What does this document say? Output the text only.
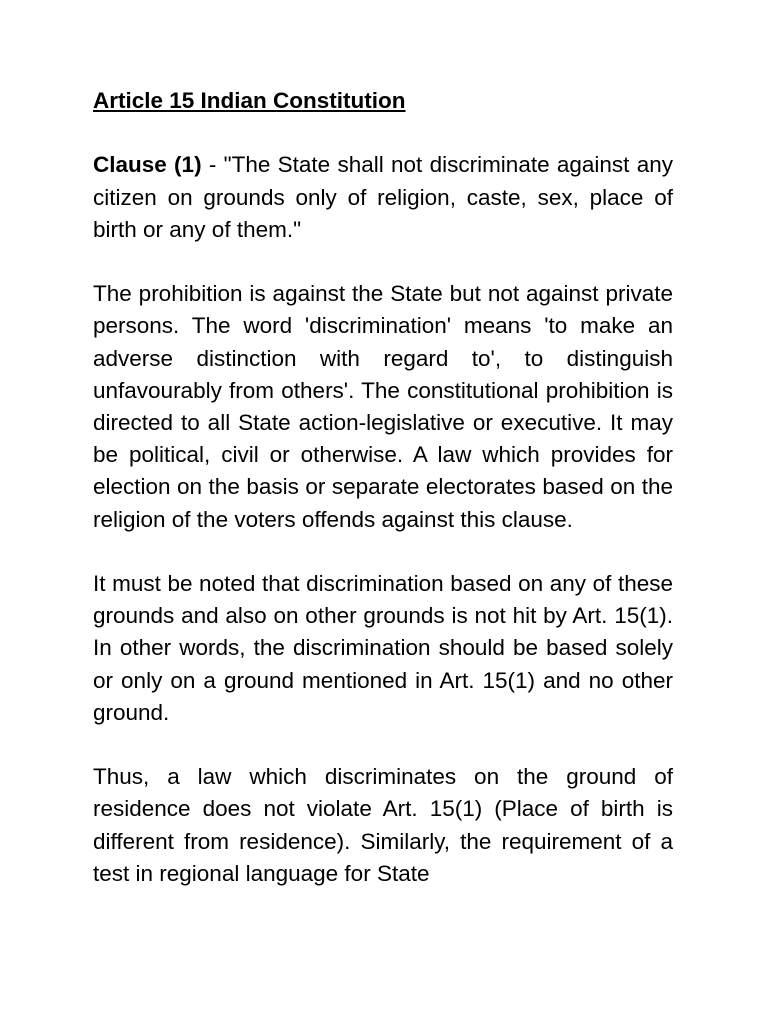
Article 15 Indian Constitution

Clause (1) - "The State shall not discriminate against any citizen on grounds only of religion, caste, sex, place of birth or any of them."

The prohibition is against the State but not against private persons. The word 'discrimination' means 'to make an adverse distinction with regard to', to distinguish unfavourably from others'. The constitutional prohibition is directed to all State action-legislative or executive. It may be political, civil or otherwise. A law which provides for election on the basis or separate electorates based on the religion of the voters offends against this clause.

It must be noted that discrimination based on any of these grounds and also on other grounds is not hit by Art. 15(1). In other words, the discrimination should be based solely or only on a ground mentioned in Art. 15(1) and no other ground.

Thus, a law which discriminates on the ground of residence does not violate Art. 15(1) (Place of birth is different from residence). Similarly, the requirement of a test in regional language for State
